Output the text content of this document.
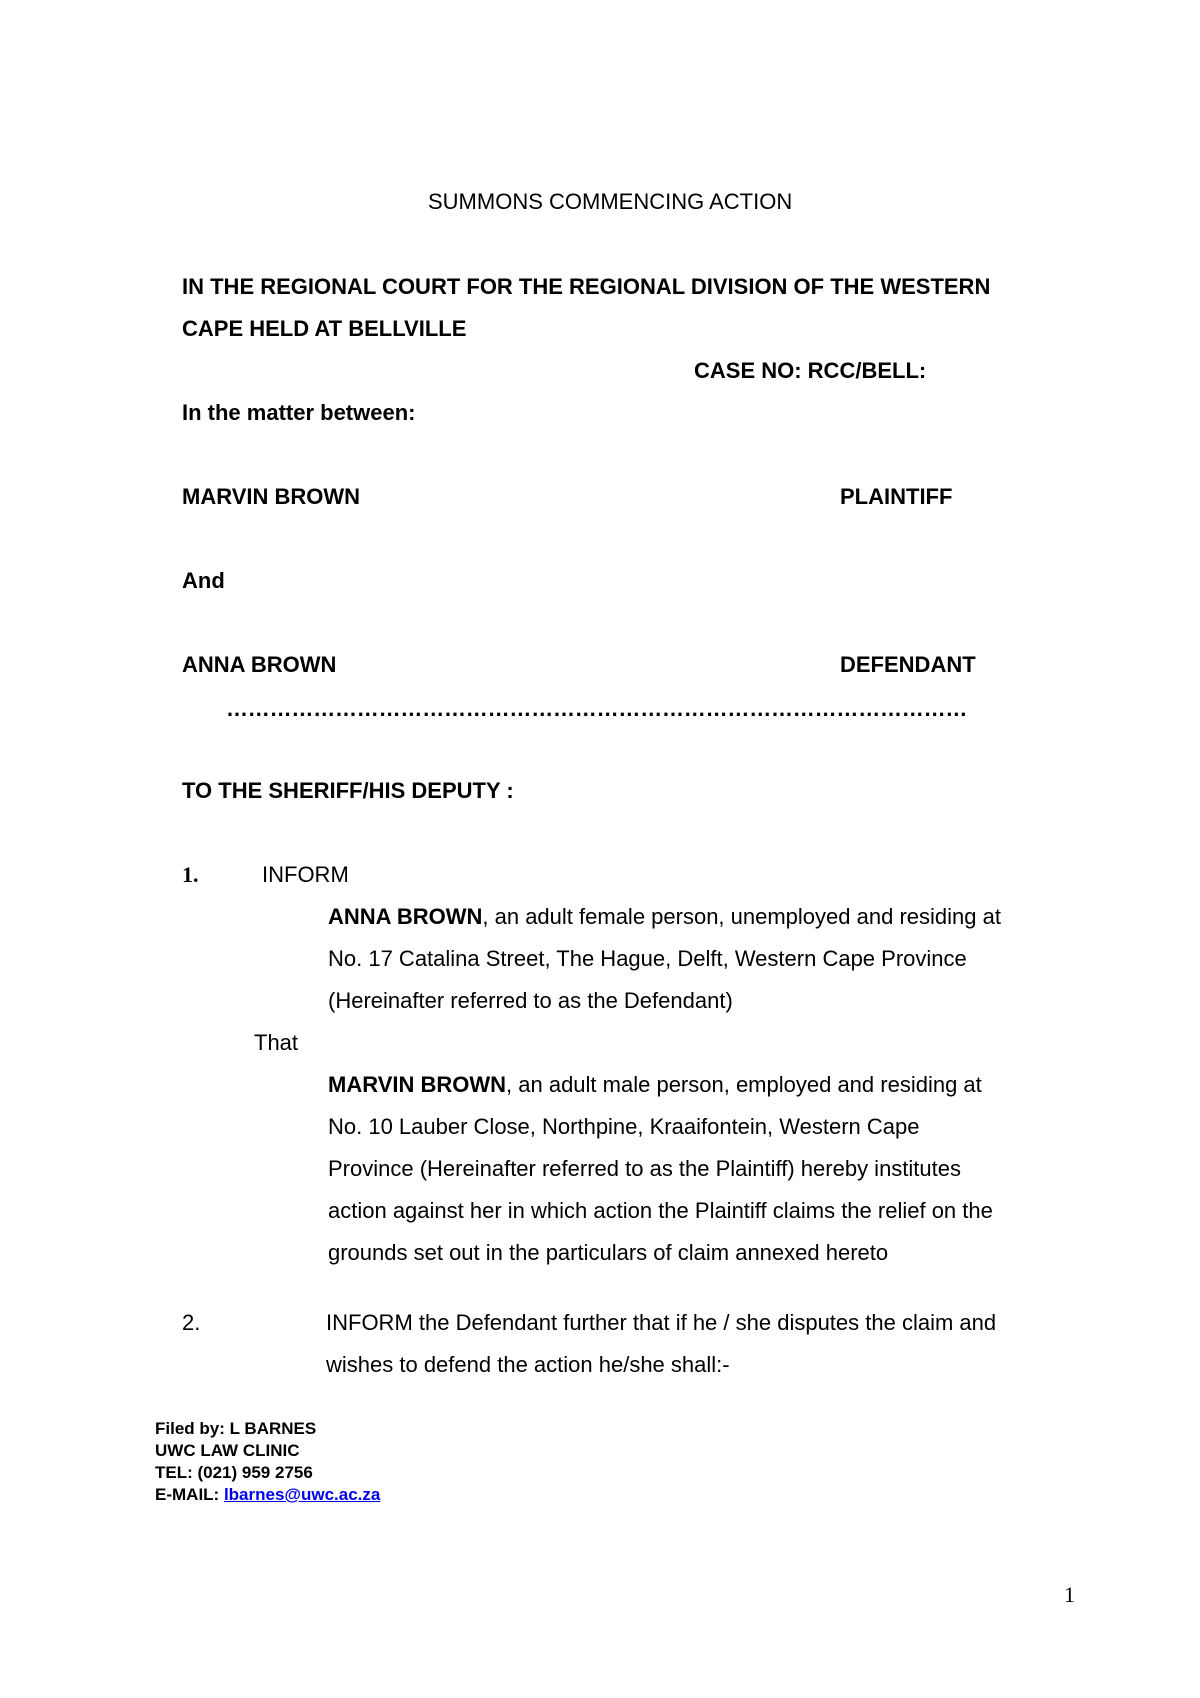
SUMMONS COMMENCING ACTION
IN THE REGIONAL COURT FOR THE REGIONAL DIVISION OF THE WESTERN
CAPE HELD AT BELLVILLE
CASE NO: RCC/BELL:
In the matter between:
MARVIN BROWN	PLAINTIFF
And
ANNA BROWN	DEFENDANT
…………………………………………………………………………………………
TO THE SHERIFF/HIS DEPUTY :
1.	INFORM
ANNA BROWN, an adult female person, unemployed and residing at
No. 17 Catalina Street, The Hague, Delft, Western Cape Province
(Hereinafter referred to as the Defendant)
That
MARVIN BROWN, an adult male person, employed and residing at
No. 10 Lauber Close, Northpine, Kraaifontein, Western Cape
Province (Hereinafter referred to as the Plaintiff) hereby institutes
action against her in which action the Plaintiff claims the relief on the
grounds set out in the particulars of claim annexed hereto
2.	INFORM the Defendant further that if he / she disputes the claim and
wishes to defend the action he/she shall:-
Filed by: L BARNES
UWC LAW CLINIC
TEL: (021) 959 2756
E-MAIL: lbarnes@uwc.ac.za
1
